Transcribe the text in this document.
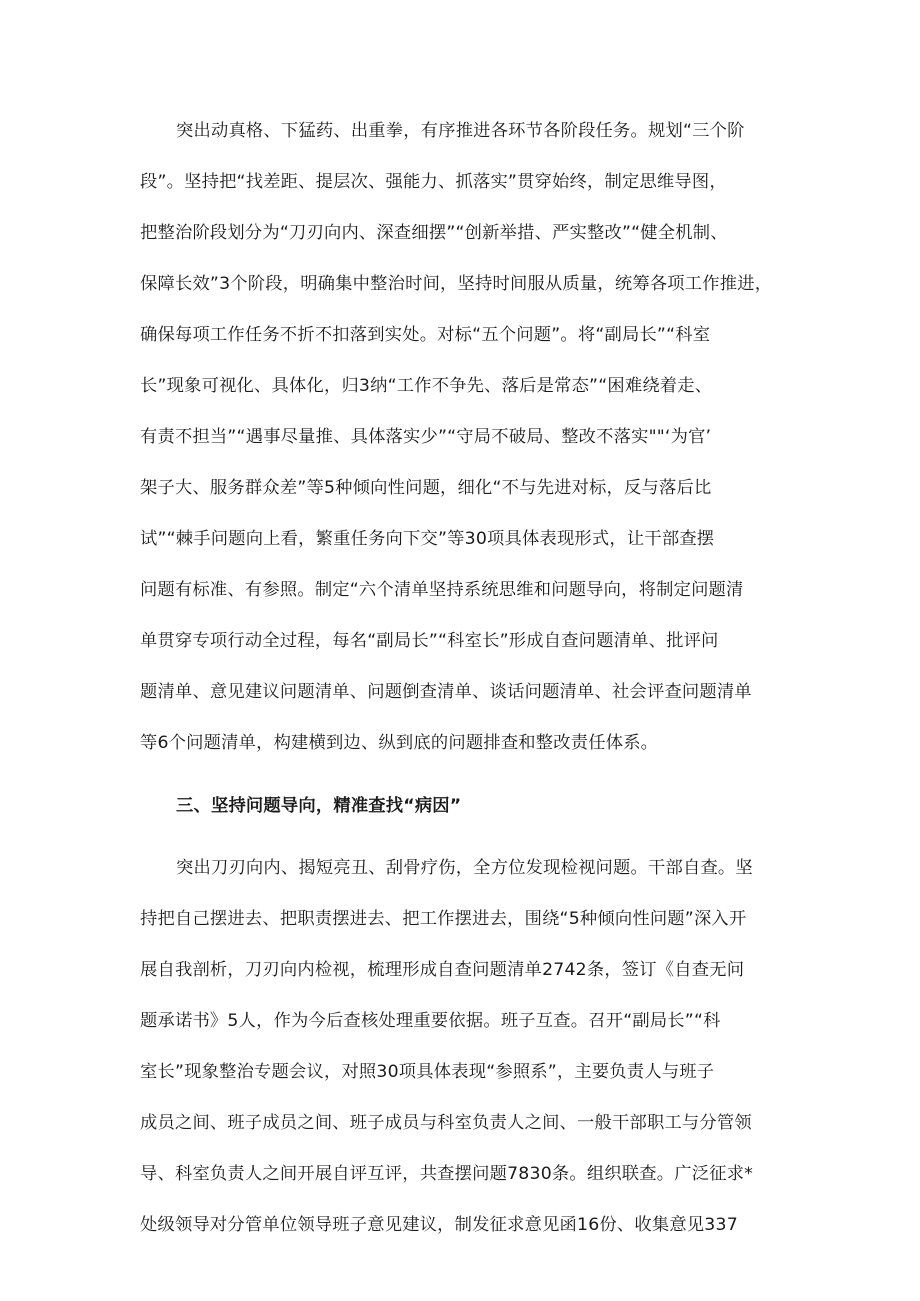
突出动真格、下猛药、出重拳，有序推进各环节各阶段任务。规划“三个阶

段”。坚持把“找差距、提层次、强能力、抓落实”贯穿始终，制定思维导图，

把整治阶段划分为“刀刃向内、深查细摆”“创新举措、严实整改”“健全机制、

保障长效”3个阶段，明确集中整治时间，坚持时间服从质量，统筹各项工作推进，

确保每项工作任务不折不扣落到实处。对标“五个问题”。将“副局长”“科室

长”现象可视化、具体化，归3纳“工作不争先、落后是常态”“困难绕着走、

有责不担当”“遇事尽量推、具体落实少”“守局不破局、整改不落实""‘为官’

架子大、服务群众差”等5种倾向性问题，细化“不与先进对标，反与落后比

试”“棘手问题向上看，繁重任务向下交”等30项具体表现形式，让干部查摆

问题有标准、有参照。制定“六个清单坚持系统思维和问题导向，将制定问题清

单贯穿专项行动全过程，每名“副局长”“科室长”形成自查问题清单、批评问

题清单、意见建议问题清单、问题倒查清单、谈话问题清单、社会评查问题清单

等6个问题清单，构建横到边、纵到底的问题排查和整改责任体系。

三、坚持问题导向，精准查找“病因”

突出刀刃向内、揭短亮丑、刮骨疗伤，全方位发现检视问题。干部自查。坚

持把自己摆进去、把职责摆进去、把工作摆进去，围绕“5种倾向性问题”深入开

展自我剖析，刀刃向内检视，梳理形成自查问题清单2742条，签订《自查无问

题承诺书》5人，作为今后查核处理重要依据。班子互查。召开“副局长”“科

室长”现象整治专题会议，对照30项具体表现“参照系”，主要负责人与班子

成员之间、班子成员之间、班子成员与科室负责人之间、一般干部职工与分管领

导、科室负责人之间开展自评互评，共查摆问题7830条。组织联查。广泛征求*

处级领导对分管单位领导班子意见建议，制发征求意见函16份、收集意见337
